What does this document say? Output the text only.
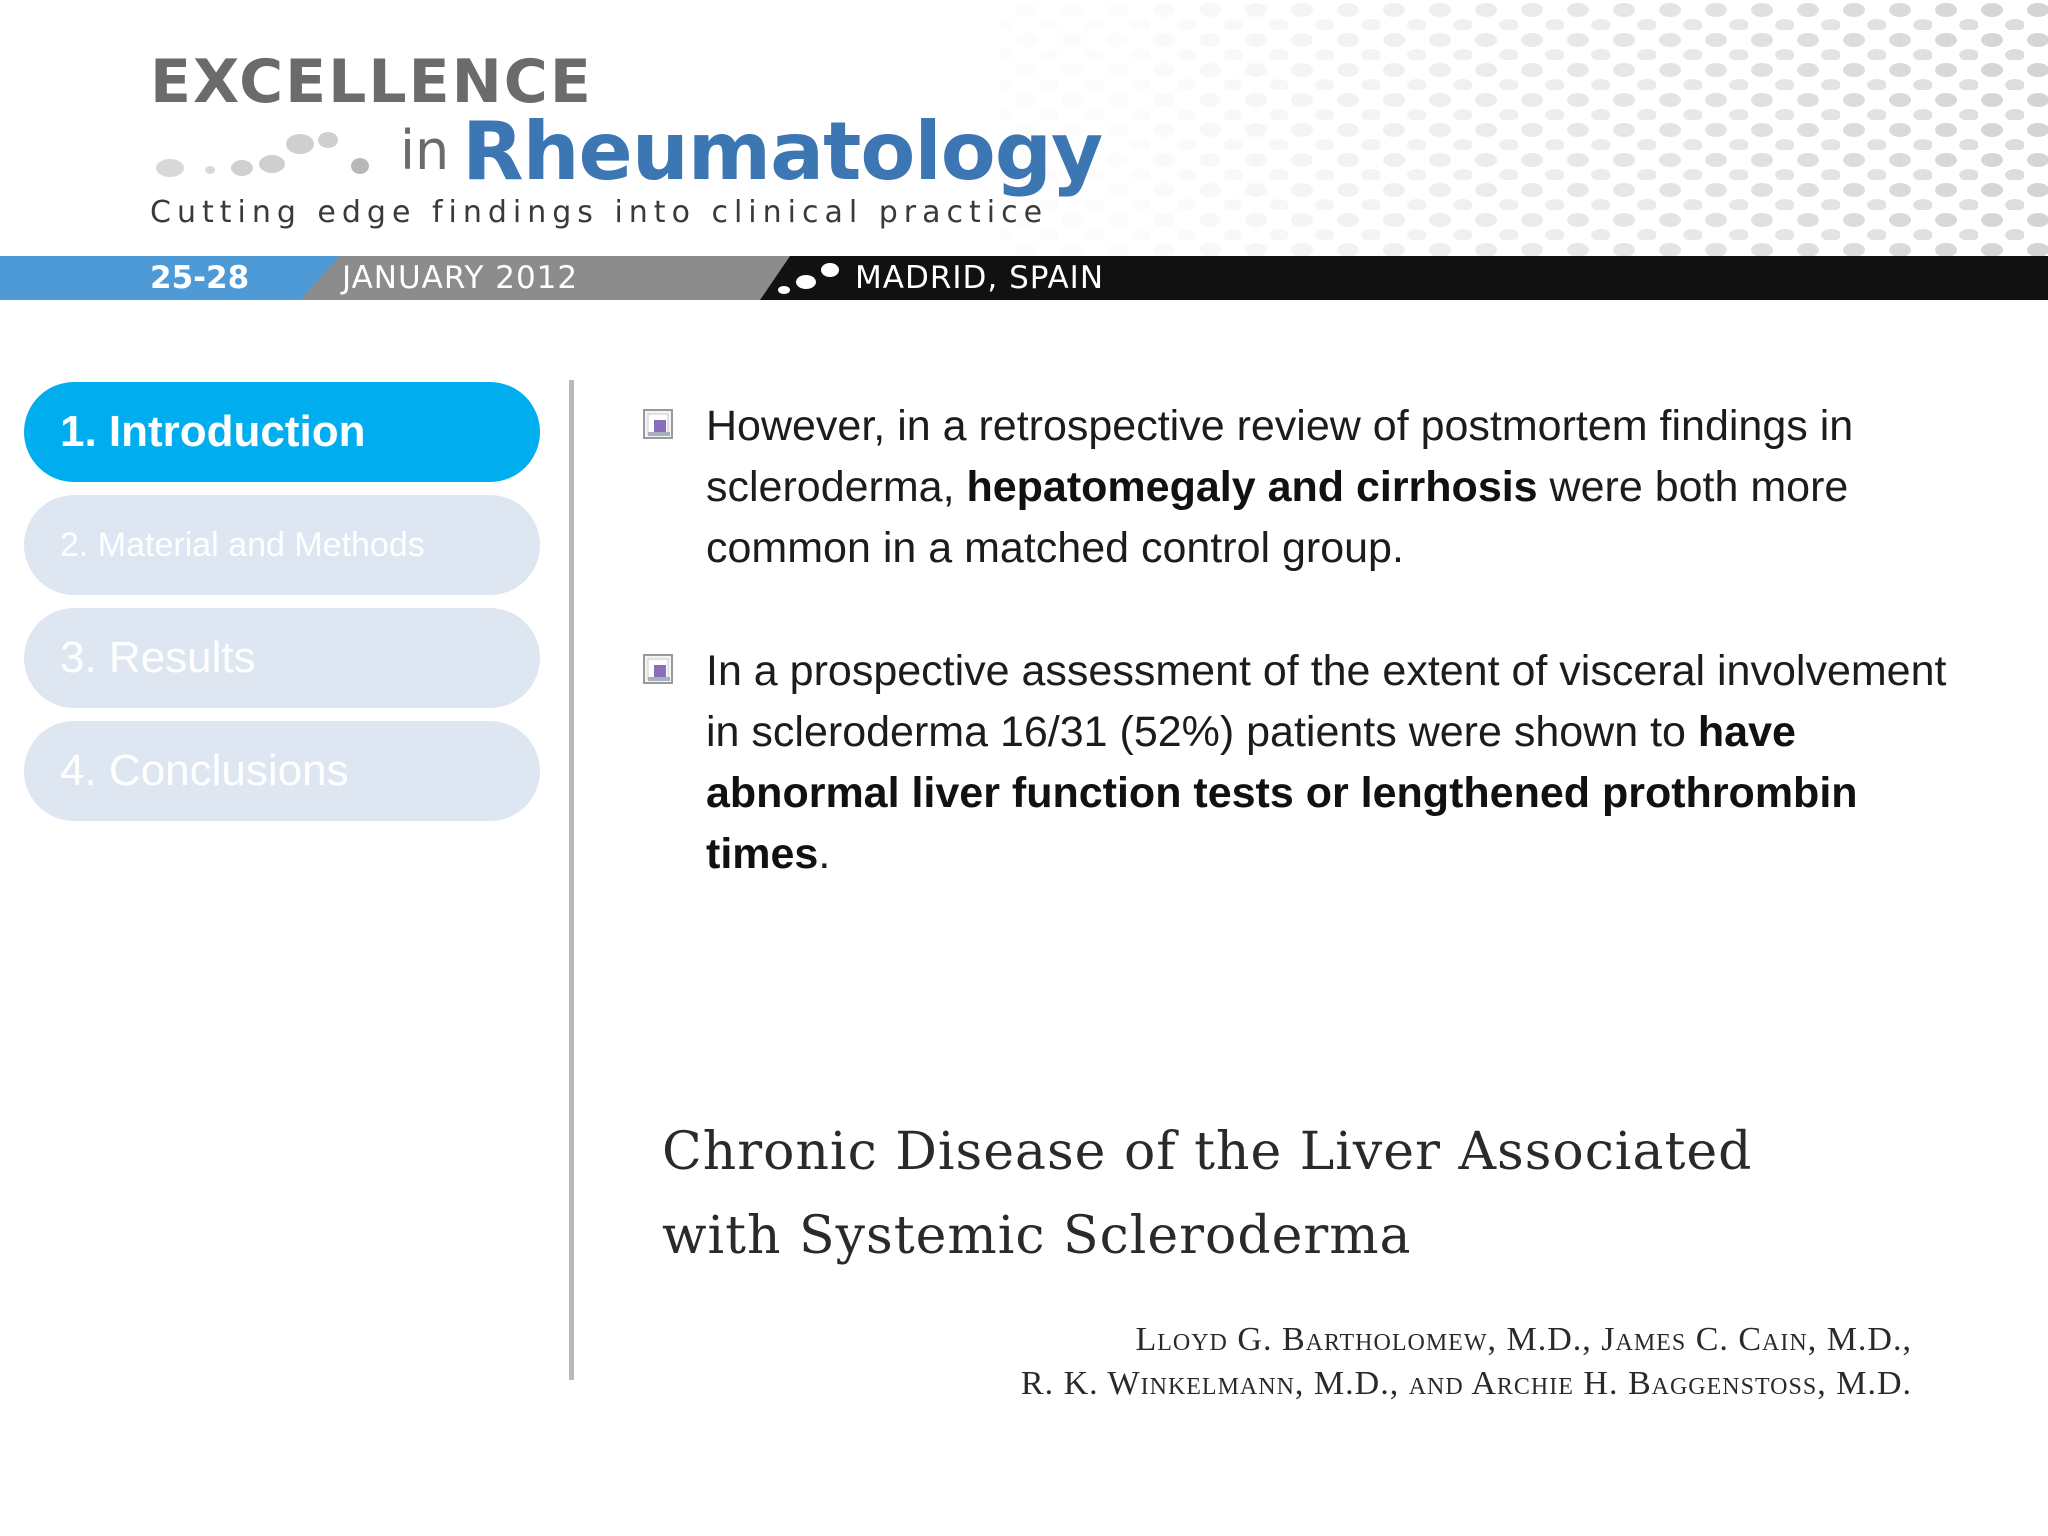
EXCELLENCE
in Rheumatology
Cutting edge findings into clinical practice
25-28	JANUARY 2012	MADRID, SPAIN
1. Introduction
2. Material and Methods
3. Results
4. Conclusions
However, in a retrospective review of postmortem findings in scleroderma, hepatomegaly and cirrhosis were both more common in a matched control group.
In a prospective assessment of the extent of visceral involvement in scleroderma 16/31 (52%) patients were shown to have abnormal liver function tests or lengthened prothrombin times.
Chronic Disease of the Liver Associated
with Systemic Scleroderma
Lloyd G. Bartholomew, M.D., James C. Cain, M.D.,
R. K. Winkelmann, M.D., and Archie H. Baggenstoss, M.D.
